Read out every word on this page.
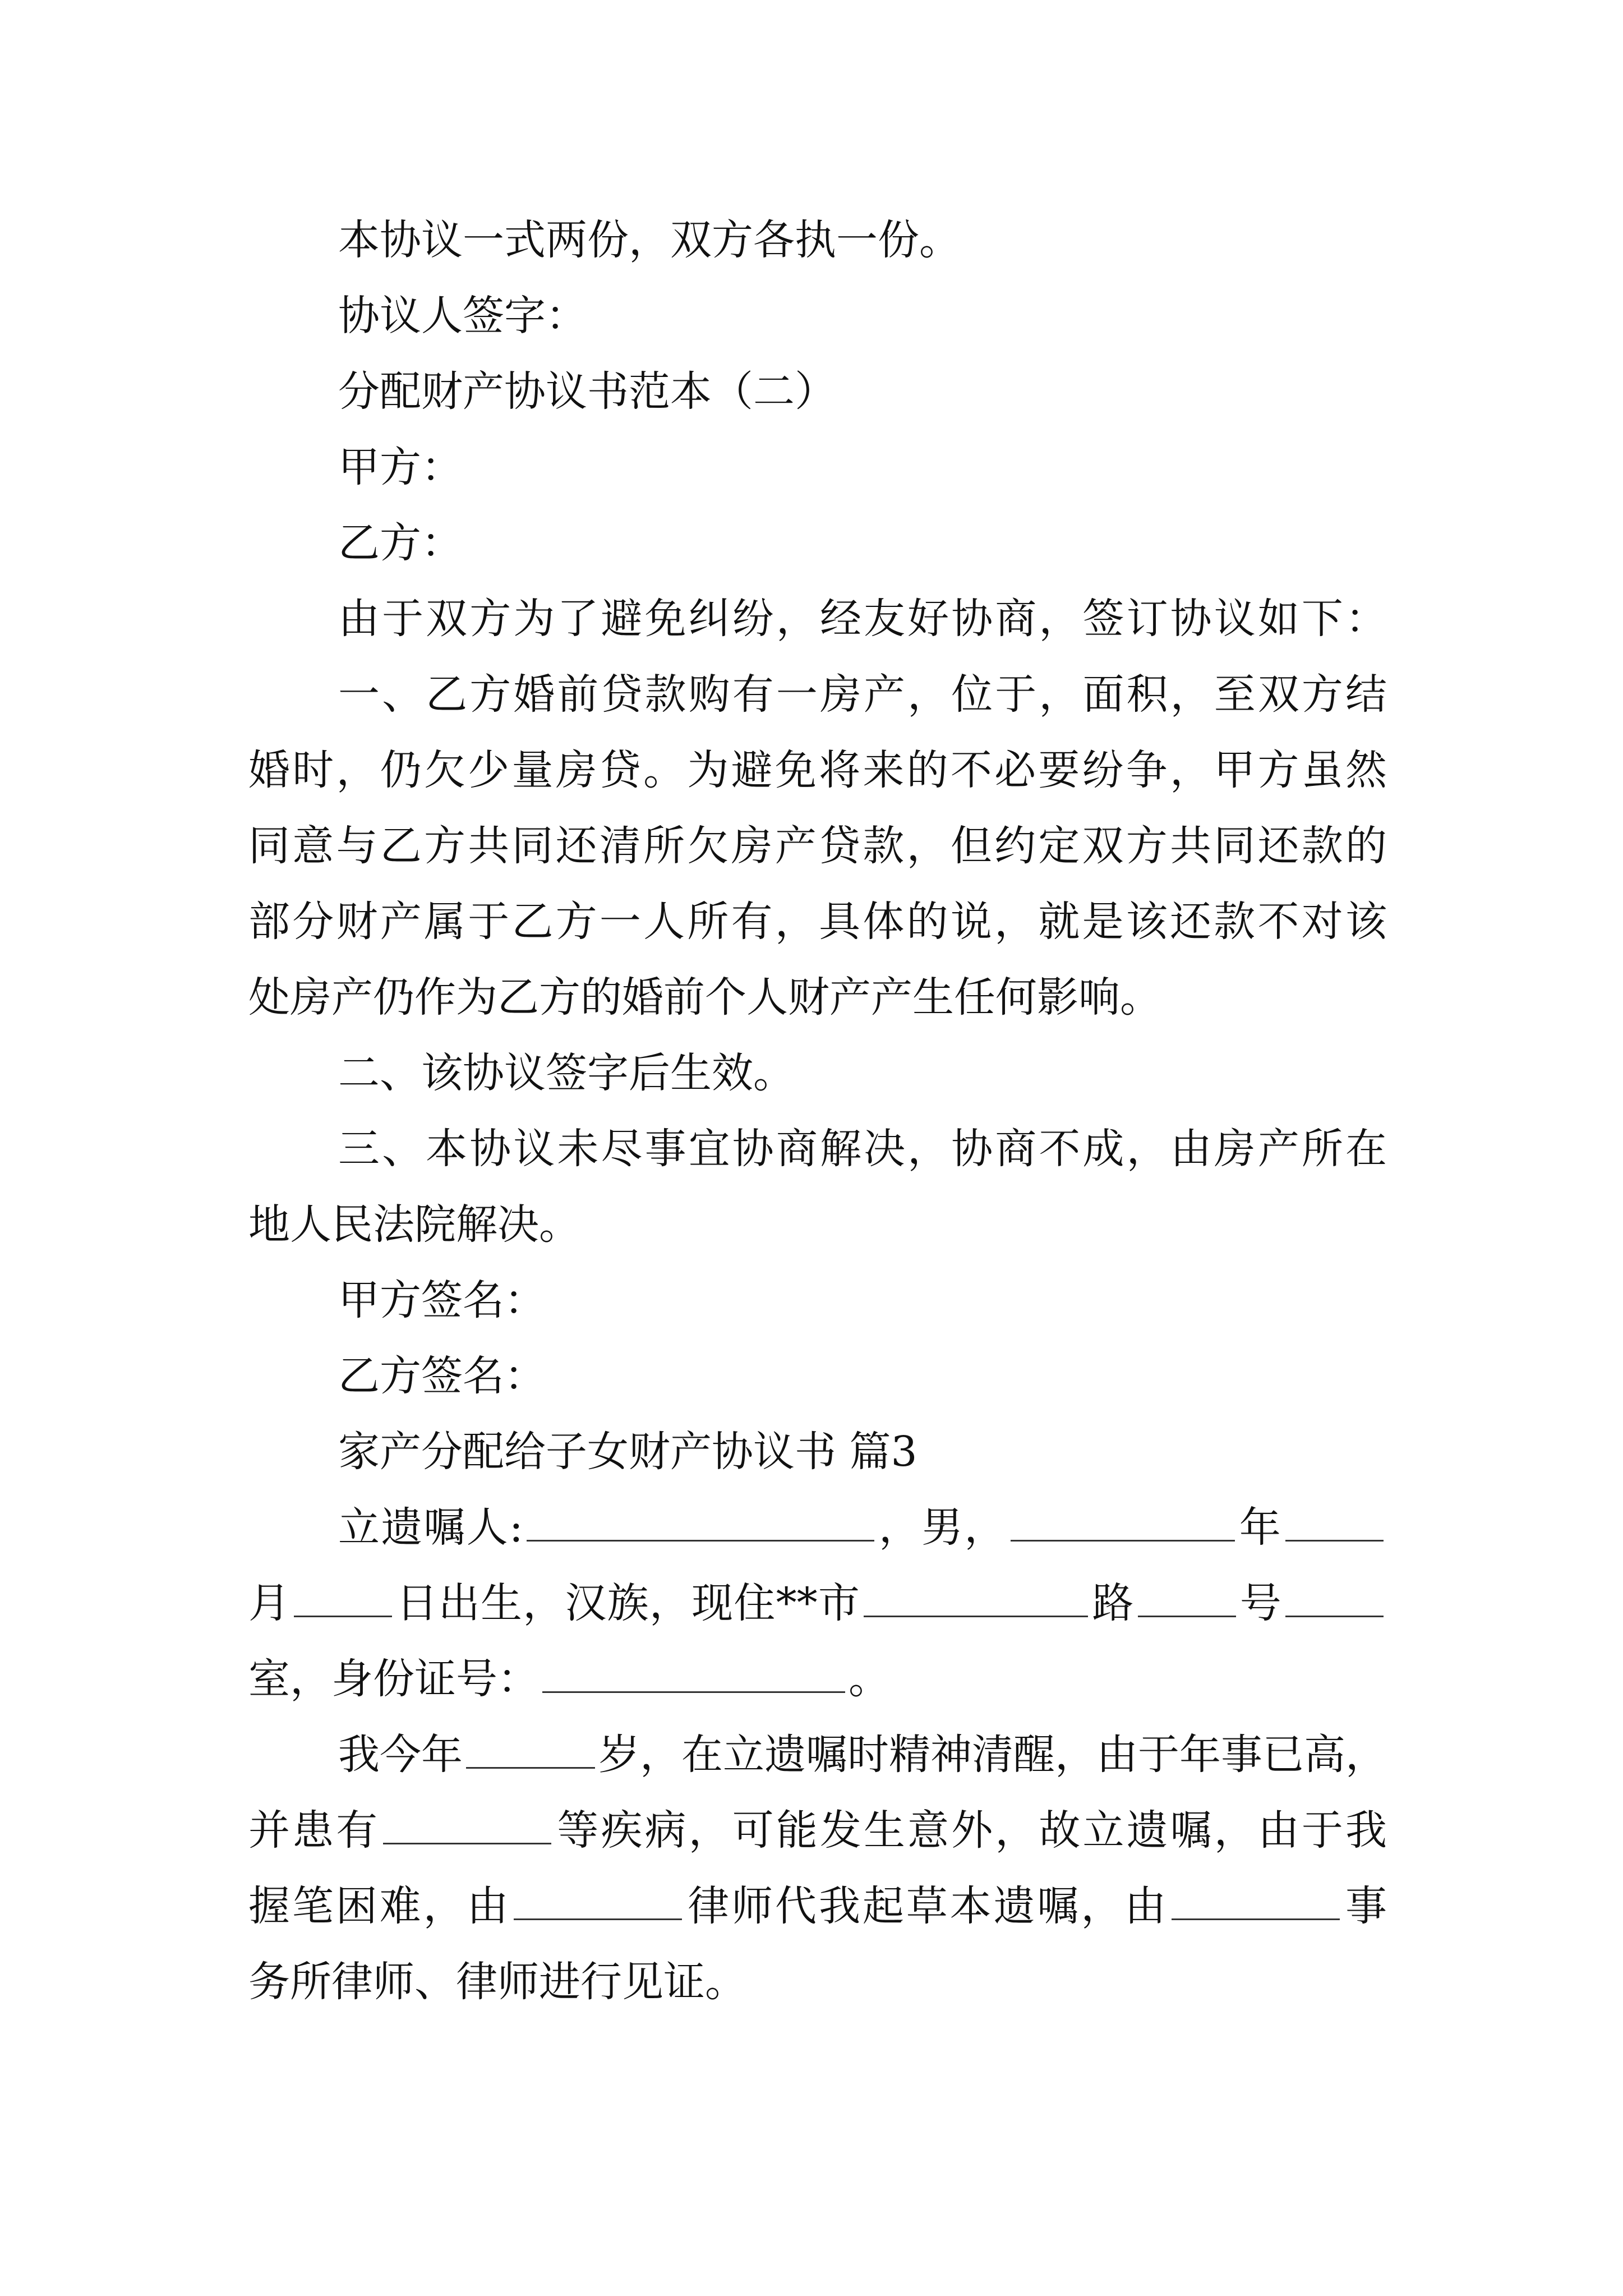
本协议一式两份，双方各执一份。
协议人签字：
分配财产协议书范本（二）
甲方：
乙方：
由于双方为了避免纠纷，经友好协商，签订协议如下：
一、乙方婚前贷款购有一房产，位于，面积，至双方结
婚时，仍欠少量房贷。为避免将来的不必要纷争，甲方虽然
同意与乙方共同还清所欠房产贷款，但约定双方共同还款的
部分财产属于乙方一人所有，具体的说，就是该还款不对该
处房产仍作为乙方的婚前个人财产产生任何影响。
二、该协议签字后生效。
三、本协议未尽事宜协商解决，协商不成，由房产所在
地人民法院解决。
甲方签名：
乙方签名：
家产分配给子女财产协议书 篇3
立遗嘱人:	，男，	年
月	日出生，汉族，现住**市	路	号
室，身份证号：	。
我今年	岁，在立遗嘱时精神清醒，由于年事已高，
并患有	等疾病，可能发生意外，故立遗嘱，由于我
握笔困难，由	律师代我起草本遗嘱，由	事
务所律师、律师进行见证。
